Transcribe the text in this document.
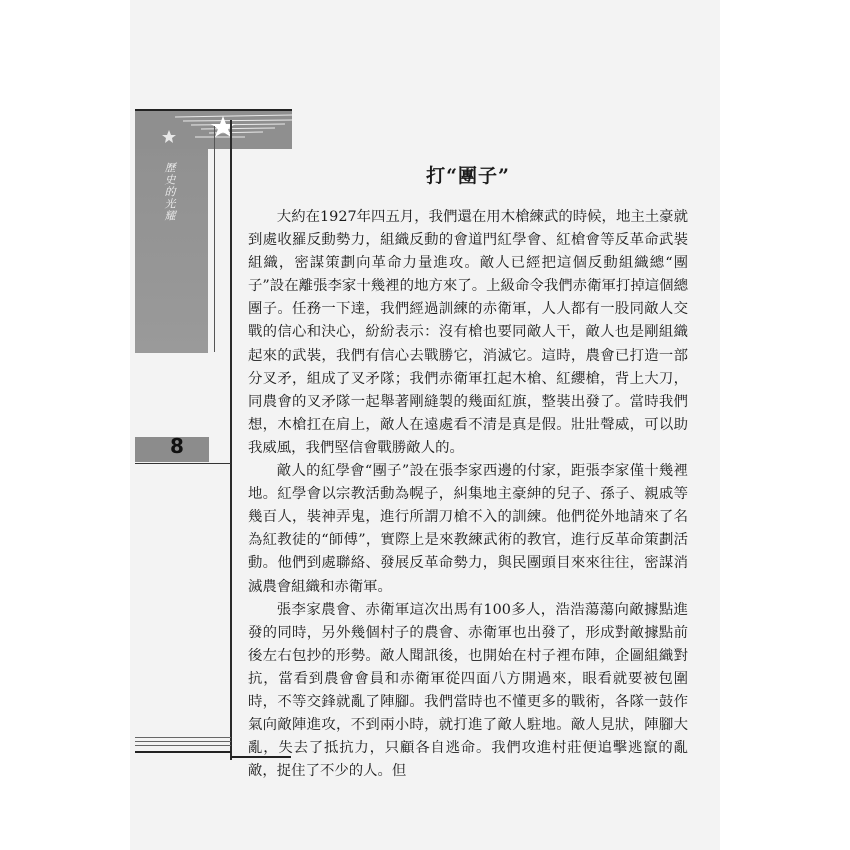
歷史的光耀
8
打“團子”

大約在1927年四五月，我們還在用木槍練武的時候，地主土豪就到處收羅反動勢力，組織反動的會道門紅學會、紅槍會等反革命武裝組織，密謀策劃向革命力量進攻。敵人已經把這個反動組織總“團子”設在離張李家十幾裡的地方來了。上級命令我們赤衛軍打掉這個總團子。任務一下達，我們經過訓練的赤衛軍，人人都有一股同敵人交戰的信心和決心，紛紛表示：沒有槍也要同敵人干，敵人也是剛組織起來的武裝，我們有信心去戰勝它，消滅它。這時，農會已打造一部分叉矛，組成了叉矛隊；我們赤衛軍扛起木槍、紅纓槍，背上大刀，同農會的叉矛隊一起舉著剛縫製的幾面紅旗，整裝出發了。當時我們想，木槍扛在肩上，敵人在遠處看不清是真是假。壯壯聲威，可以助我威風，我們堅信會戰勝敵人的。

敵人的紅學會“團子”設在張李家西邊的付家，距張李家僅十幾裡地。紅學會以宗教活動為幌子，糾集地主豪紳的兒子、孫子、親戚等幾百人，裝神弄鬼，進行所謂刀槍不入的訓練。他們從外地請來了名為紅教徒的“師傅”，實際上是來教練武術的教官，進行反革命策劃活動。他們到處聯絡、發展反革命勢力，與民團頭目來來往往，密謀消滅農會組織和赤衛軍。

張李家農會、赤衛軍這次出馬有100多人，浩浩蕩蕩向敵據點進發的同時，另外幾個村子的農會、赤衛軍也出發了，形成對敵據點前後左右包抄的形勢。敵人聞訊後，也開始在村子裡布陣，企圖組織對抗，當看到農會會員和赤衛軍從四面八方開過來，眼看就要被包圍時，不等交鋒就亂了陣腳。我們當時也不懂更多的戰術，各隊一鼓作氣向敵陣進攻，不到兩小時，就打進了敵人駐地。敵人見狀，陣腳大亂，失去了抵抗力，只顧各自逃命。我們攻進村莊便追擊逃竄的亂敵，捉住了不少的人。但
